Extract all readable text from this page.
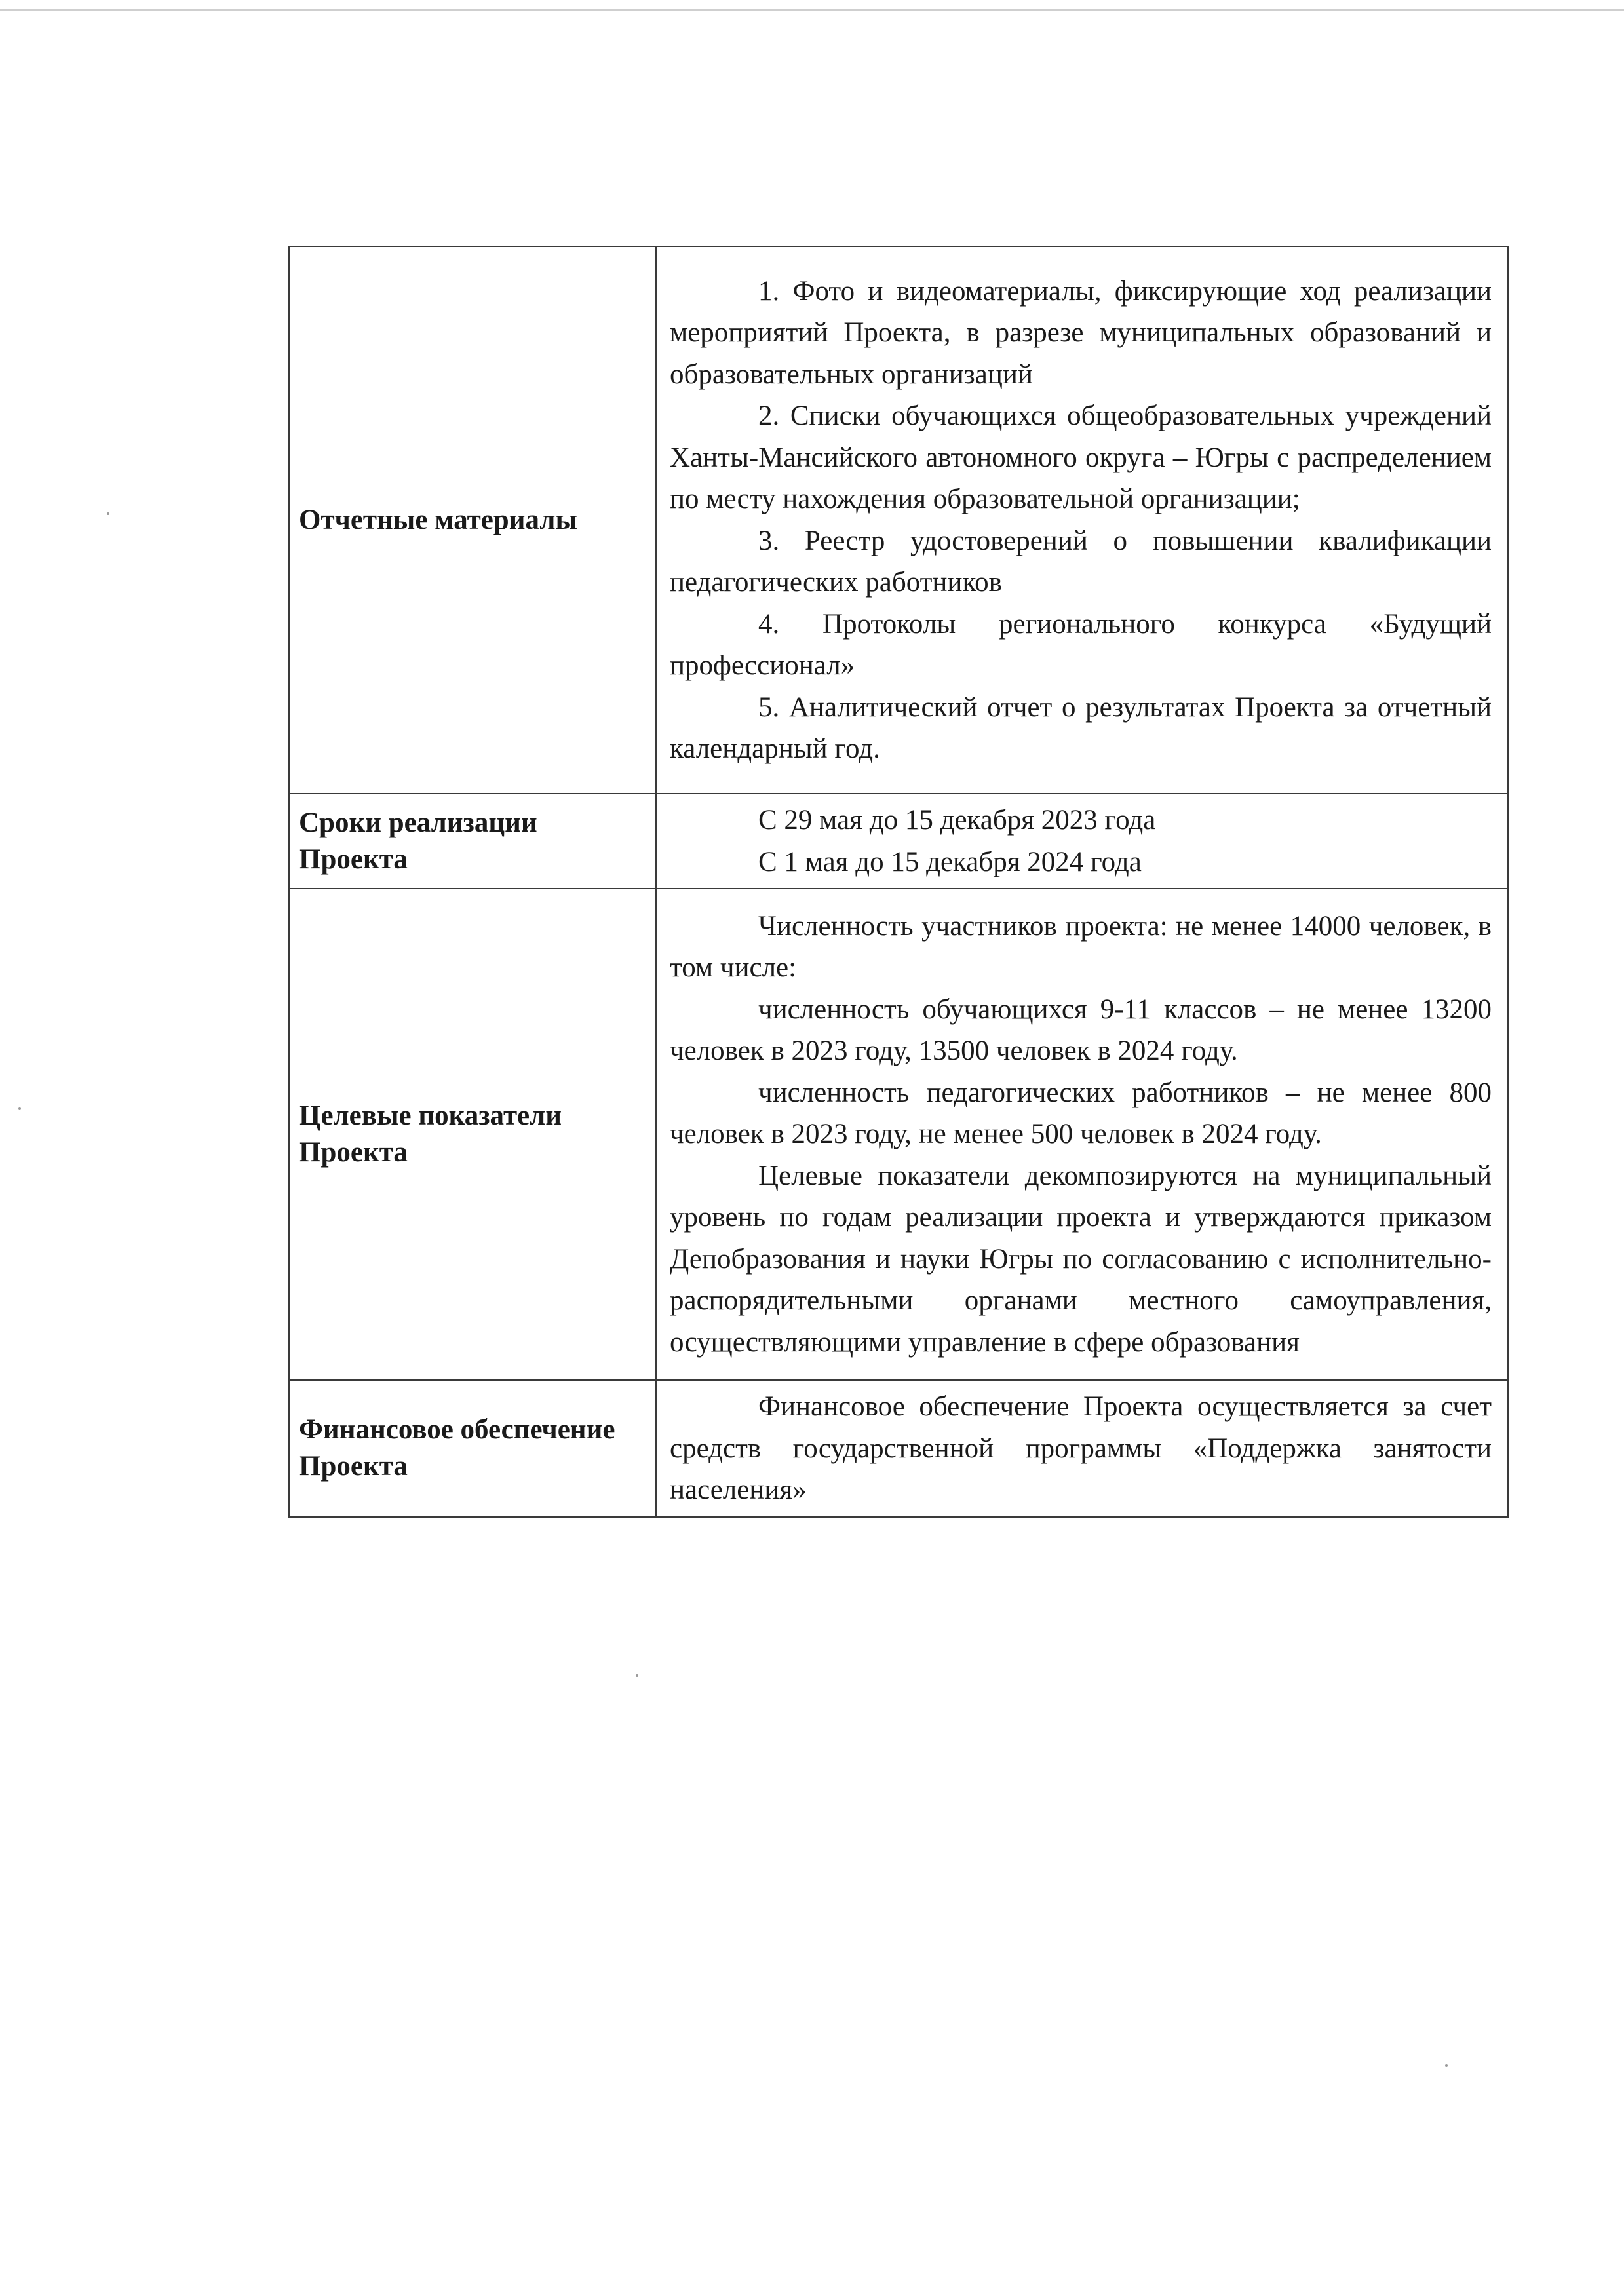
Отчетные материалы	1. Фото и видеоматериалы, фиксирующие ход реализации мероприятий Проекта, в разрезе муниципальных образований и образовательных организаций

2. Списки обучающихся общеобразовательных учреждений Ханты-Мансийского автономного округа – Югры с распределением по месту нахождения образовательной организации;

3. Реестр удостоверений о повышении квалификации педагогических работников

4. Протоколы регионального конкурса «Будущий профессионал»

5. Аналитический отчет о результатах Проекта за отчетный календарный год.

Сроки реализации Проекта	С 29 мая до 15 декабря 2023 года

С 1 мая до 15 декабря 2024 года

Целевые показатели Проекта	Численность участников проекта: не менее 14000 человек, в том числе:

численность обучающихся 9-11 классов – не менее 13200 человек в 2023 году, 13500 человек в 2024 году.

численность педагогических работников – не менее 800 человек в 2023 году, не менее 500 человек в 2024 году.

Целевые показатели декомпозируются на муниципальный уровень по годам реализации проекта и утверждаются приказом Депобразования и науки Югры по согласованию с исполнительно-распорядительными органами местного самоуправления, осуществляющими управление в сфере образования

Финансовое обеспечение Проекта	Финансовое обеспечение Проекта осуществляется за счет средств государственной программы «Поддержка занятости населения»
